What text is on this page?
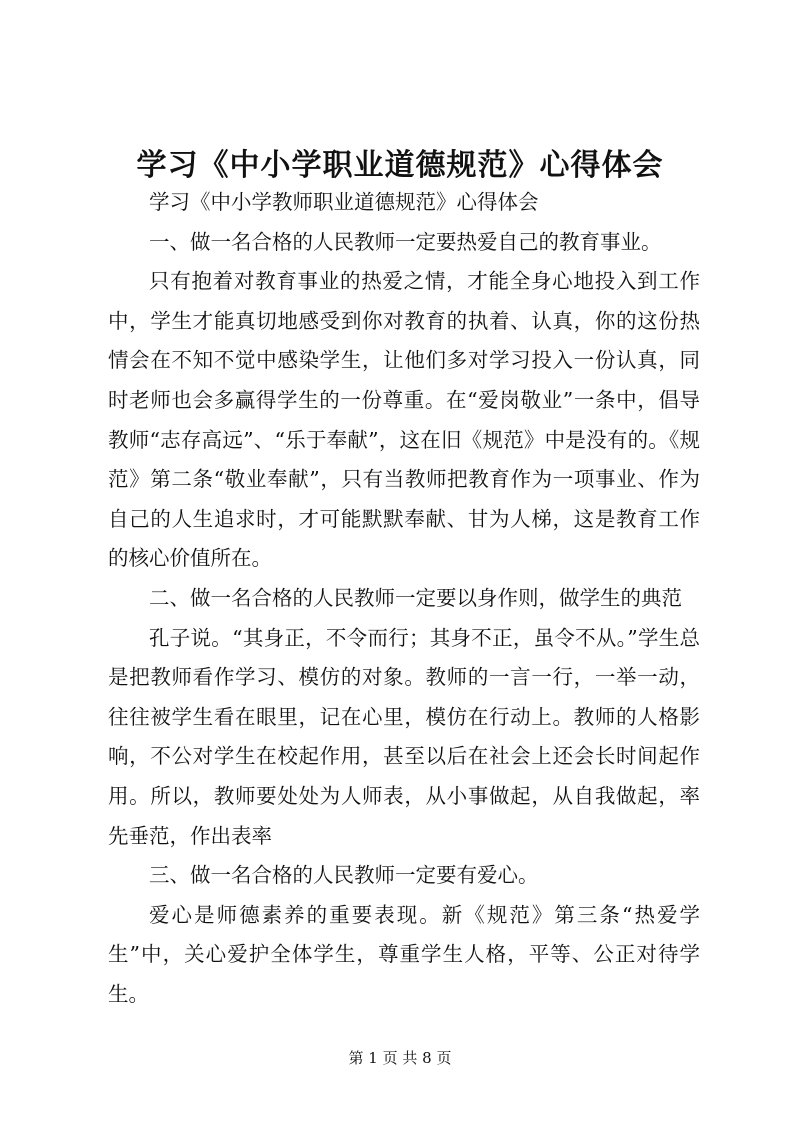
学习《中小学职业道德规范》心得体会

学习《中小学教师职业道德规范》心得体会

一、做一名合格的人民教师一定要热爱自己的教育事业。

只有抱着对教育事业的热爱之情，才能全身心地投入到工作中，学生才能真切地感受到你对教育的执着、认真，你的这份热情会在不知不觉中感染学生，让他们多对学习投入一份认真，同时老师也会多赢得学生的一份尊重。在“爱岗敬业”一条中，倡导教师“志存高远”、“乐于奉献”，这在旧《规范》中是没有的。《规范》第二条“敬业奉献”，只有当教师把教育作为一项事业、作为自己的人生追求时，才可能默默奉献、甘为人梯，这是教育工作的核心价值所在。

二、做一名合格的人民教师一定要以身作则，做学生的典范

孔子说。“其身正，不令而行；其身不正，虽令不从。”学生总是把教师看作学习、模仿的对象。教师的一言一行，一举一动，往往被学生看在眼里，记在心里，模仿在行动上。教师的人格影响，不公对学生在校起作用，甚至以后在社会上还会长时间起作用。所以，教师要处处为人师表，从小事做起，从自我做起，率先垂范，作出表率

三、做一名合格的人民教师一定要有爱心。

爱心是师德素养的重要表现。新《规范》第三条“热爱学生”中，关心爱护全体学生，尊重学生人格，平等、公正对待学生。

第 1 页 共 8 页
